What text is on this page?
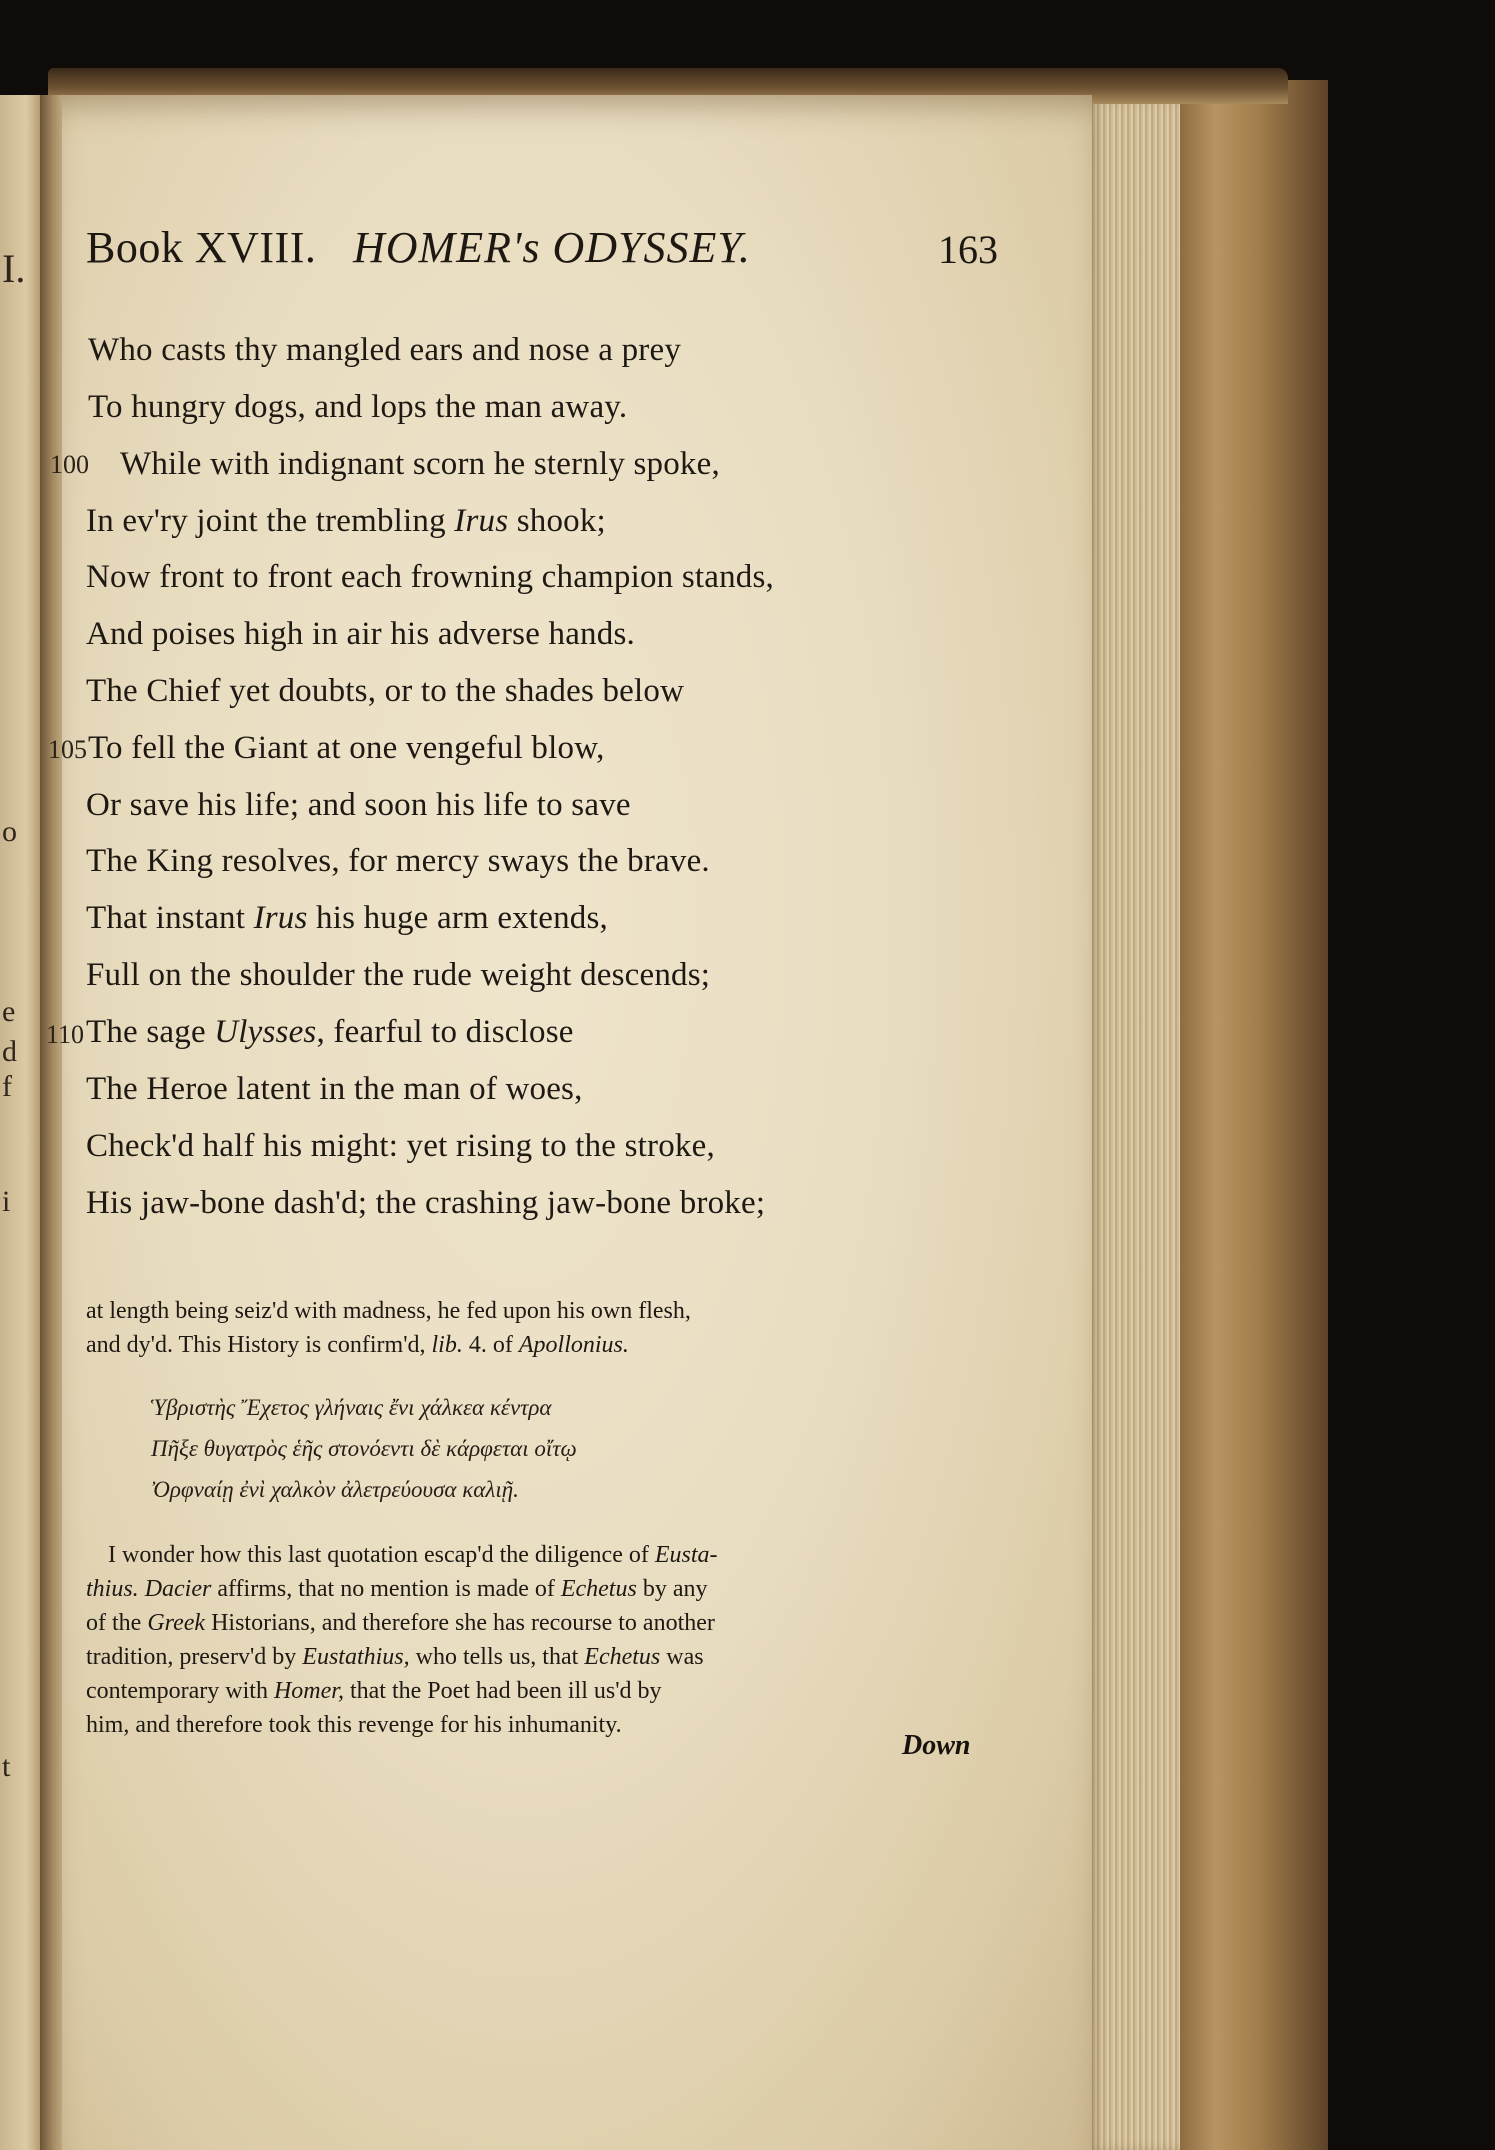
I.
o
e
d
f
i
t
Book XVIII. HOMER's ODYSSEY.	163
Who casts thy mangled ears and nose a prey
To hungry dogs, and lops the man away.
100 While with indignant scorn he sternly spoke,
In ev'ry joint the trembling Irus shook;
Now front to front each frowning champion stands,
And poises high in air his adverse hands.
The Chief yet doubts, or to the shades below
105 To fell the Giant at one vengeful blow,
Or save his life; and soon his life to save
The King resolves, for mercy sways the brave.
That instant Irus his huge arm extends,
Full on the shoulder the rude weight descends;
110 The sage Ulysses, fearful to disclose
The Heroe latent in the man of woes,
Check'd half his might: yet rising to the stroke,
His jaw-bone dash'd; the crashing jaw-bone broke;
at length being seiz'd with madness, he fed upon his own flesh,
and dy'd. This History is confirm'd, lib. 4. of Apollonius.
Ὑβριστὴς Ἔχετος γλήναις ἔνι χάλκεα κέντρα
Πῆξε θυγατρὸς ἑῆς στονόεντι δὲ κάρφεται οἴτῳ
Ὀρφναίῃ ἐνὶ χαλκὸν ἀλετρεύουσα καλιῇ.
I wonder how this last quotation escap'd the diligence of Eusta-
thius. Dacier affirms, that no mention is made of Echetus by any
of the Greek Historians, and therefore she has recourse to another
tradition, preserv'd by Eustathius, who tells us, that Echetus was
contemporary with Homer, that the Poet had been ill us'd by
him, and therefore took this revenge for his inhumanity.
Down
